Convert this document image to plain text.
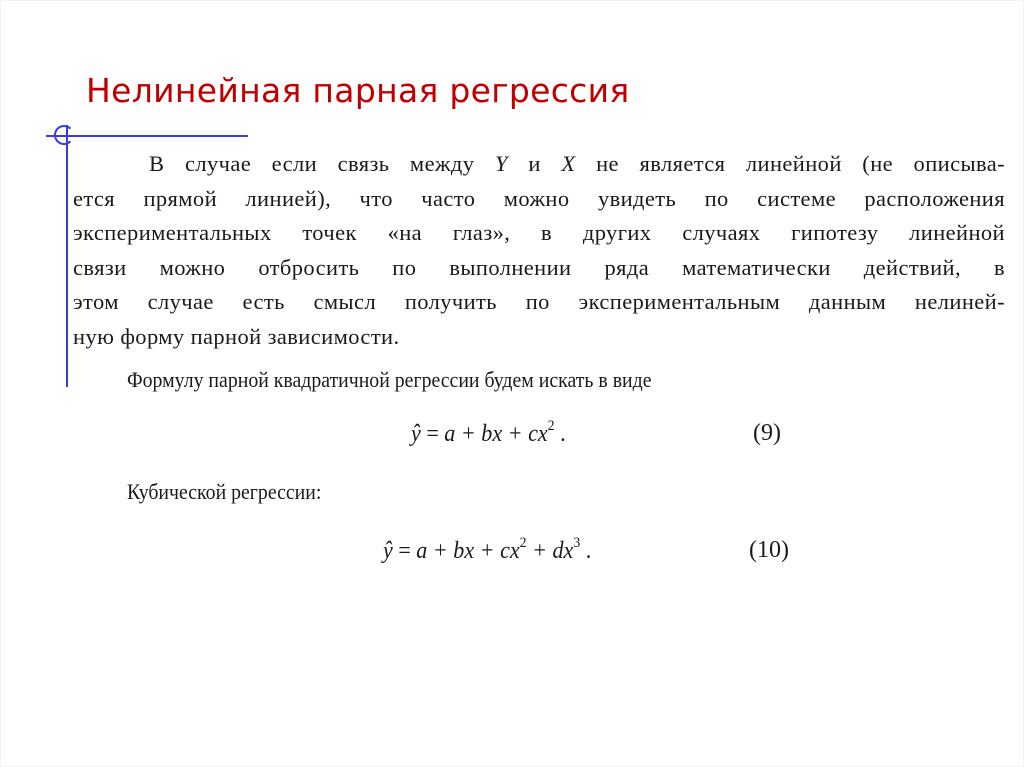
Нелинейная парная регрессия
В случае если связь между Y и X не является линейной (не описыва-
ется прямой линией), что часто можно увидеть по системе расположения
экспериментальных точек «на глаз», в других случаях гипотезу линейной
связи можно отбросить по выполнении ряда математически действий, в
этом случае есть смысл получить по экспериментальным данным нелиней-
ную форму парной зависимости.
Формулу парной квадратичной регрессии будем искать в виде
ŷ = a + bx + $cx^2$ .	(9)
Кубической регрессии:
ŷ = a + bx + $cx^2 + dx^3$ .	(10)
